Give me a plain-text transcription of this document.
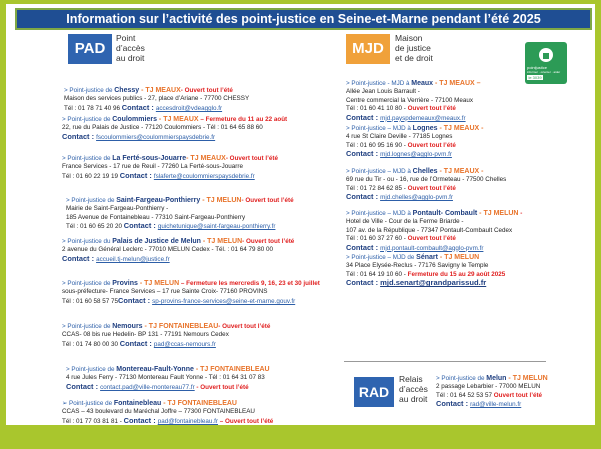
Information sur l’activité des point-justice en Seine-et-Marne pendant l’été 2025
PAD
Point
d’accès
au droit
MJD
Maison
de justice
et de droit
pointjustice
informer · orienter · aider
le 3039
> Point-justice de Chessy - TJ MEAUX- Ouvert tout l’été
Maison des services publics - 27, place d’Ariane - 77700 CHESSY
Tél : 01 78 71 40 96 Contact : accesdroit@vdeagglo.fr
> Point-justice de Coulommiers - TJ MEAUX – Fermeture du 11 au 22 août
22, rue du Palais de Justice - 77120 Coulommiers - Tél : 01 64 65 88 60
Contact : fscoulommiers@coulommierspaysdebrie.fr
> Point-justice de La Ferté-sous-Jouarre- TJ MEAUX- Ouvert tout l’été
France Services - 17 rue de Reuil - 77260 La Ferté-sous-Jouarre
Tél : 01 60 22 19 19 Contact : fslaferte@coulommierspaysdebrie.fr
> Point-justice de Saint-Fargeau-Ponthierry - TJ MELUN- Ouvert tout l’été
Mairie de Saint-Fargeau-Ponthierry -
185 Avenue de Fontainebleau - 77310 Saint-Fargeau-Ponthierry
Tél : 01 60 65 20 20 Contact : guichetunique@saint-fargeau-ponthierry.fr
> Point-justice du Palais de Justice de Melun - TJ MELUN- Ouvert tout l’été
2 avenue du Général Leclerc - 77010 MELUN Cedex - Tél. : 01 64 79 80 00
Contact : accueil.tj-melun@justice.fr
> Point-justice de Provins - TJ MELUN – Fermeture les mercredis 9, 16, 23 et 30 juillet
sous-préfecture- France Services – 17 rue Sainte Croix- 77160 PROVINS
Tél : 01 60 58 57 75Contact : sp-provins-france-services@seine-et-marne.gouv.fr
> Point-justice de Nemours - TJ FONTAINEBLEAU- Ouvert tout l’été
CCAS- 08 bis rue Hedelin- BP 131 - 77191 Nemours Cedex
Tél : 01 74 80 00 30 Contact : pad@ccas-nemours.fr
> Point-justice de Montereau-Fault-Yonne - TJ FONTAINEBLEAU
4 rue Jules Ferry - 77130 Montereau Fault Yonne - Tél : 01 64 31 07 83
Contact : contact.pad@ville-montereau77.fr - Ouvert tout l’été
➢ Point-justice de Fontainebleau - TJ FONTAINEBLEAU
CCAS – 43 boulevard du Maréchal Joffre – 77300 FONTAINEBLEAU
Tél : 01 77 03 81 81 - Contact : pad@fontainebleau.fr – Ouvert tout l’été
> Point-justice - MJD à Meaux - TJ MEAUX –
Allée Jean Louis Barrault -
Centre commercial la Verrière - 77100 Meaux
Tél : 01 60 41 10 80 - Ouvert tout l’été
Contact : mjd.payspdemeaux@meaux.fr
> Point-justice – MJD à Lognes - TJ MEAUX -
4 rue St Claire Deville - 77185 Lognes
Tél : 01 60 95 16 90 - Ouvert tout l’été
Contact : mjd.lognes@agglo-pvm.fr
> Point-justice – MJD à Chelles - TJ MEAUX -
69 rue du Tir - ou - 16, rue de l’Ormeteau - 77500 Chelles
Tél : 01 72 84 62 85 - Ouvert tout l’été
Contact : mjd.chelles@agglo-pvm.fr
> Point-justice – MJD à Pontault- Combault - TJ MELUN -
Hotel de Ville - Cour de la Ferme Briarde -
107 av. de la République - 77347 Pontault-Combault Cedex
Tél : 01 60 37 27 60 - Ouvert tout l’été
Contact : mjd.pontault-combault@agglo-pvm.fr
> Point-justice – MJD de Sénart - TJ MELUN
34 Place Elysée-Reclus - 77176 Savigny le Temple
Tél : 01 64 19 10 60 - Fermeture du 15 au 29 août 2025
Contact : mjd.senart@grandparissud.fr
RAD
Relais
d’accès
au droit
> Point-justice de Melun - TJ MELUN
2 passage Lebarbier - 77000 MELUN
Tél : 01 64 52 53 57 Ouvert tout l’été
Contact : rad@ville-melun.fr
